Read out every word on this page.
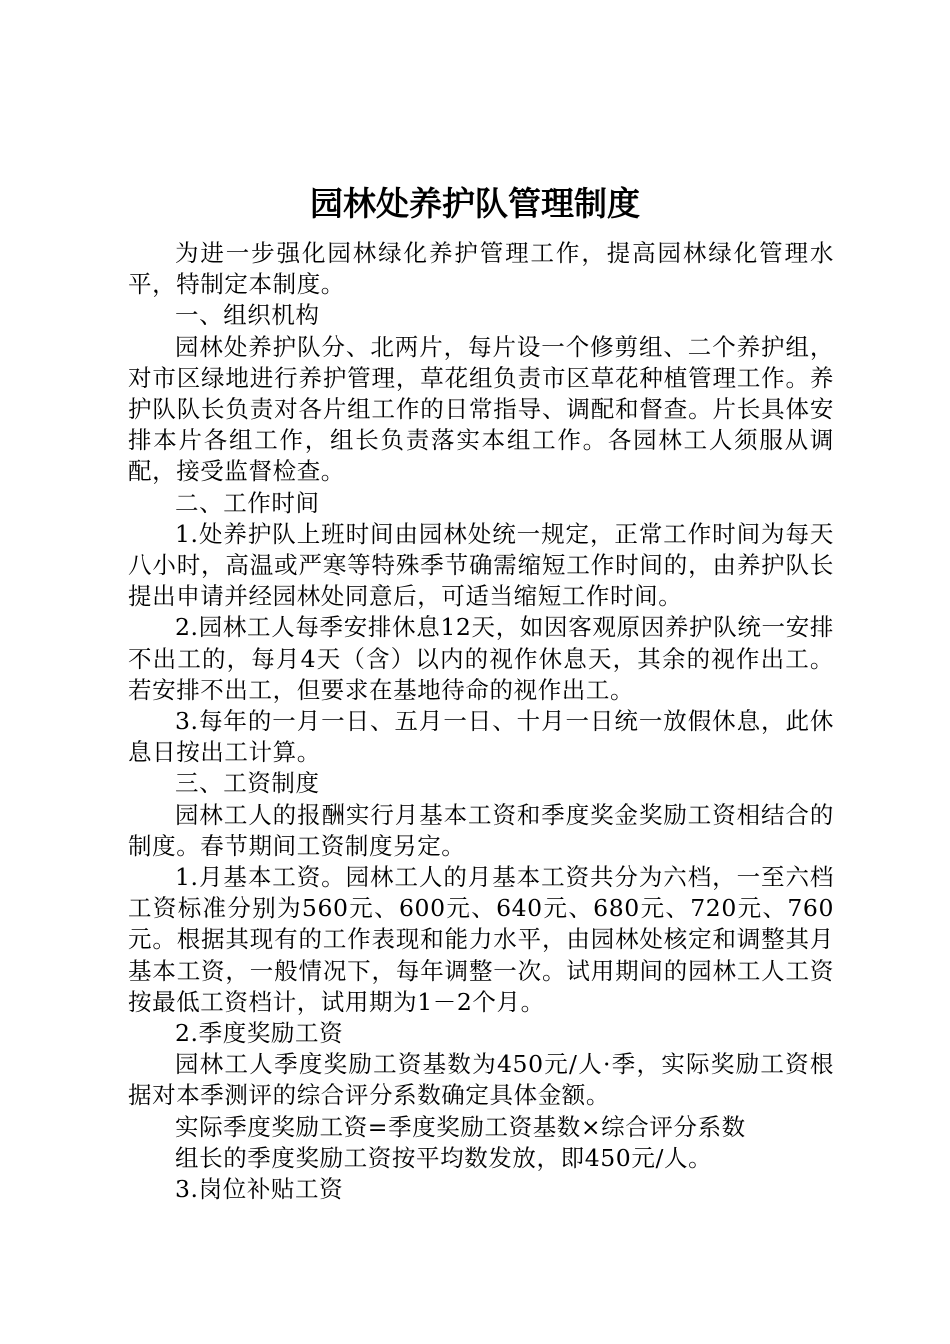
园林处养护队管理制度

为进一步强化园林绿化养护管理工作，提高园林绿化管理水平，特制定本制度。

一、组织机构

园林处养护队分、北两片，每片设一个修剪组、二个养护组，对市区绿地进行养护管理，草花组负责市区草花种植管理工作。养护队队长负责对各片组工作的日常指导、调配和督查。片长具体安排本片各组工作，组长负责落实本组工作。各园林工人须服从调配，接受监督检查。

二、工作时间

1.处养护队上班时间由园林处统一规定，正常工作时间为每天八小时，高温或严寒等特殊季节确需缩短工作时间的，由养护队长提出申请并经园林处同意后，可适当缩短工作时间。

2.园林工人每季安排休息12天，如因客观原因养护队统一安排不出工的，每月4天（含）以内的视作休息天，其余的视作出工。若安排不出工，但要求在基地待命的视作出工。

3.每年的一月一日、五月一日、十月一日统一放假休息，此休息日按出工计算。

三、工资制度

园林工人的报酬实行月基本工资和季度奖金奖励工资相结合的制度。春节期间工资制度另定。

1.月基本工资。园林工人的月基本工资共分为六档，一至六档工资标准分别为560元、600元、640元、680元、720元、760元。根据其现有的工作表现和能力水平，由园林处核定和调整其月基本工资，一般情况下，每年调整一次。试用期间的园林工人工资按最低工资档计，试用期为1－2个月。

2.季度奖励工资

园林工人季度奖励工资基数为450元/人·季，实际奖励工资根据对本季测评的综合评分系数确定具体金额。

实际季度奖励工资=季度奖励工资基数×综合评分系数

组长的季度奖励工资按平均数发放，即450元/人。

3.岗位补贴工资
